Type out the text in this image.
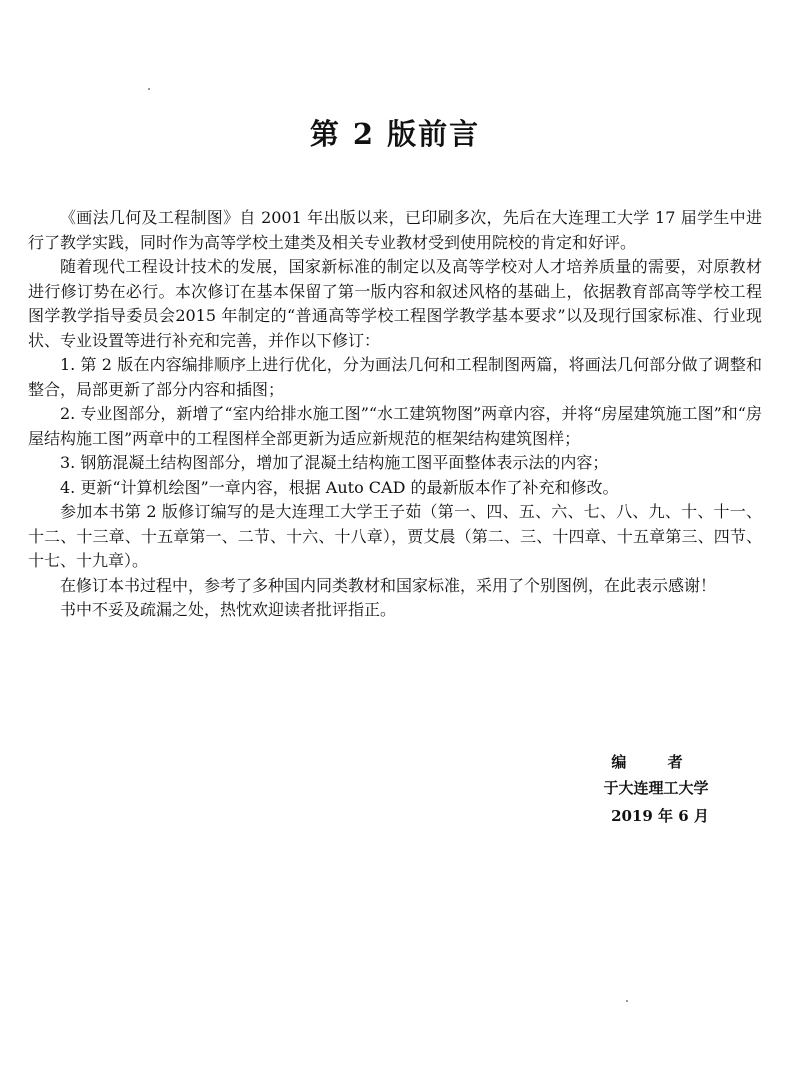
第 2 版前言

《画法几何及工程制图》自 2001 年出版以来，已印刷多次，先后在大连理工大学 17 届学生中进行了教学实践，同时作为高等学校土建类及相关专业教材受到使用院校的肯定和好评。

随着现代工程设计技术的发展，国家新标准的制定以及高等学校对人才培养质量的需要，对原教材进行修订势在必行。本次修订在基本保留了第一版内容和叙述风格的基础上，依据教育部高等学校工程图学教学指导委员会2015 年制定的“普通高等学校工程图学教学基本要求”以及现行国家标准、行业现状、专业设置等进行补充和完善，并作以下修订：

1. 第 2 版在内容编排顺序上进行优化，分为画法几何和工程制图两篇，将画法几何部分做了调整和整合，局部更新了部分内容和插图；

2. 专业图部分，新增了“室内给排水施工图”“水工建筑物图”两章内容，并将“房屋建筑施工图”和“房屋结构施工图”两章中的工程图样全部更新为适应新规范的框架结构建筑图样；

3. 钢筋混凝土结构图部分，增加了混凝土结构施工图平面整体表示法的内容；

4. 更新“计算机绘图”一章内容，根据 Auto CAD 的最新版本作了补充和修改。

参加本书第 2 版修订编写的是大连理工大学王子茹（第一、四、五、六、七、八、九、十、十一、十二、十三章、十五章第一、二节、十六、十八章），贾艾晨（第二、三、十四章、十五章第三、四节、十七、十九章）。

在修订本书过程中，参考了多种国内同类教材和国家标准，采用了个别图例，在此表示感谢！

书中不妥及疏漏之处，热忱欢迎读者批评指正。

编 者
于大连理工大学
2019 年 6 月
